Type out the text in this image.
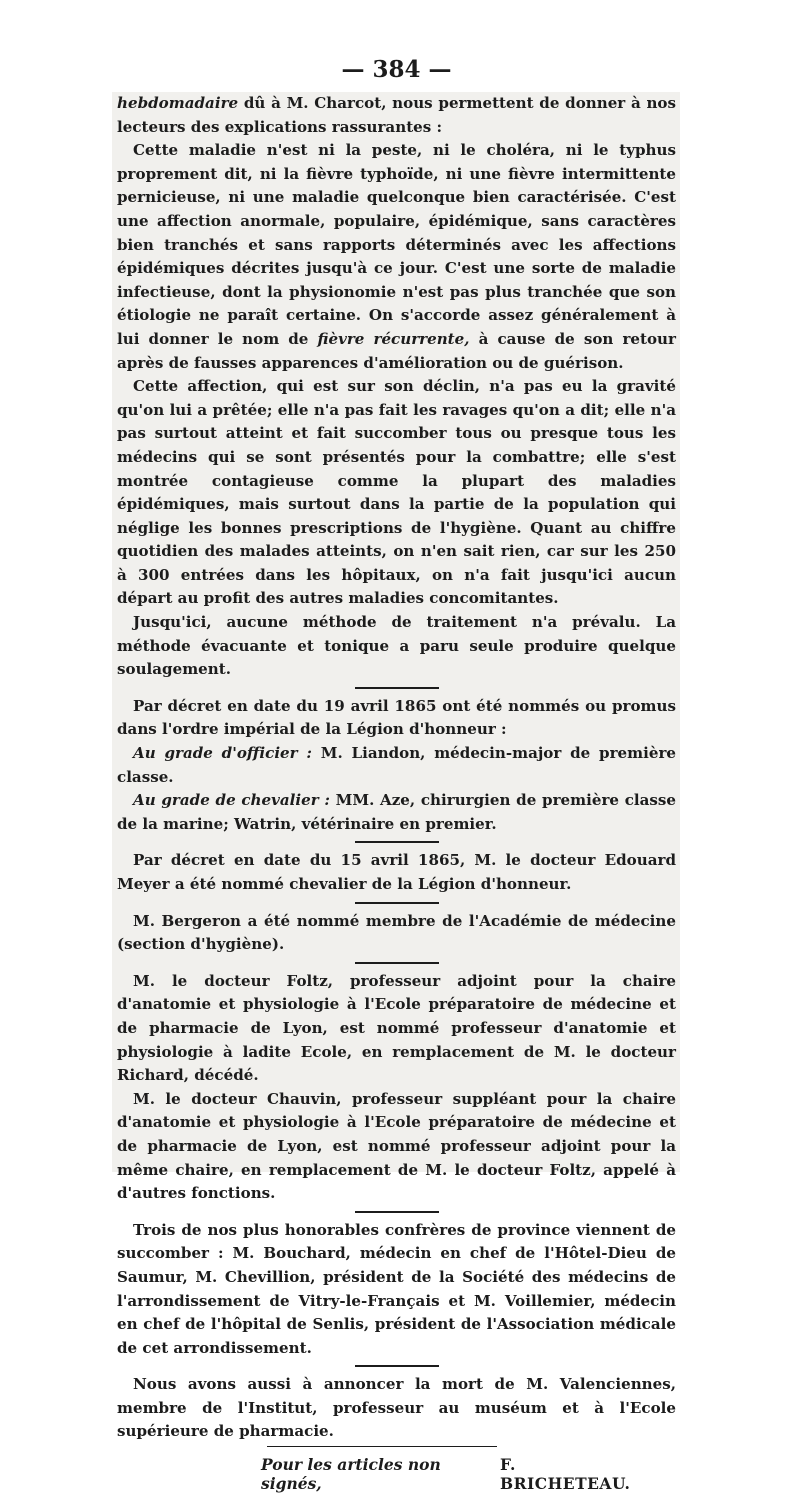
— 384 —

hebdomadaire dû à M. Charcot, nous permettent de donner à nos lecteurs des explications rassurantes :

Cette maladie n'est ni la peste, ni le choléra, ni le typhus proprement dit, ni la fièvre typhoïde, ni une fièvre intermittente pernicieuse, ni une maladie quelconque bien caractérisée. C'est une affection anormale, populaire, épidémique, sans caractères bien tranchés et sans rapports déterminés avec les affections épidémiques décrites jusqu'à ce jour. C'est une sorte de maladie infectieuse, dont la physionomie n'est pas plus tranchée que son étiologie ne paraît certaine. On s'accorde assez généralement à lui donner le nom de fièvre récurrente, à cause de son retour après de fausses apparences d'amélioration ou de guérison.

Cette affection, qui est sur son déclin, n'a pas eu la gravité qu'on lui a prêtée; elle n'a pas fait les ravages qu'on a dit; elle n'a pas surtout atteint et fait succomber tous ou presque tous les médecins qui se sont présentés pour la combattre; elle s'est montrée contagieuse comme la plupart des maladies épidémiques, mais surtout dans la partie de la population qui néglige les bonnes prescriptions de l'hygiène. Quant au chiffre quotidien des malades atteints, on n'en sait rien, car sur les 250 à 300 entrées dans les hôpitaux, on n'a fait jusqu'ici aucun départ au profit des autres maladies concomitantes.

Jusqu'ici, aucune méthode de traitement n'a prévalu. La méthode évacuante et tonique a paru seule produire quelque soulagement.

Par décret en date du 19 avril 1865 ont été nommés ou promus dans l'ordre impérial de la Légion d'honneur :

Au grade d'officier : M. Liandon, médecin-major de première classe.

Au grade de chevalier : MM. Aze, chirurgien de première classe de la marine; Watrin, vétérinaire en premier.

Par décret en date du 15 avril 1865, M. le docteur Edouard Meyer a été nommé chevalier de la Légion d'honneur.

M. Bergeron a été nommé membre de l'Académie de médecine (section d'hygiène).

M. le docteur Foltz, professeur adjoint pour la chaire d'anatomie et physiologie à l'Ecole préparatoire de médecine et de pharmacie de Lyon, est nommé professeur d'anatomie et physiologie à ladite Ecole, en remplacement de M. le docteur Richard, décédé.

M. le docteur Chauvin, professeur suppléant pour la chaire d'anatomie et physiologie à l'Ecole préparatoire de médecine et de pharmacie de Lyon, est nommé professeur adjoint pour la même chaire, en remplacement de M. le docteur Foltz, appelé à d'autres fonctions.

Trois de nos plus honorables confrères de province viennent de succomber : M. Bouchard, médecin en chef de l'Hôtel-Dieu de Saumur, M. Chevillion, président de la Société des médecins de l'arrondissement de Vitry-le-Français et M. Voillemier, médecin en chef de l'hôpital de Senlis, président de l'Association médicale de cet arrondissement.

Nous avons aussi à annoncer la mort de M. Valenciennes, membre de l'Institut, professeur au muséum et à l'Ecole supérieure de pharmacie.

Pour les articles non signés,
F. BRICHETEAU.
